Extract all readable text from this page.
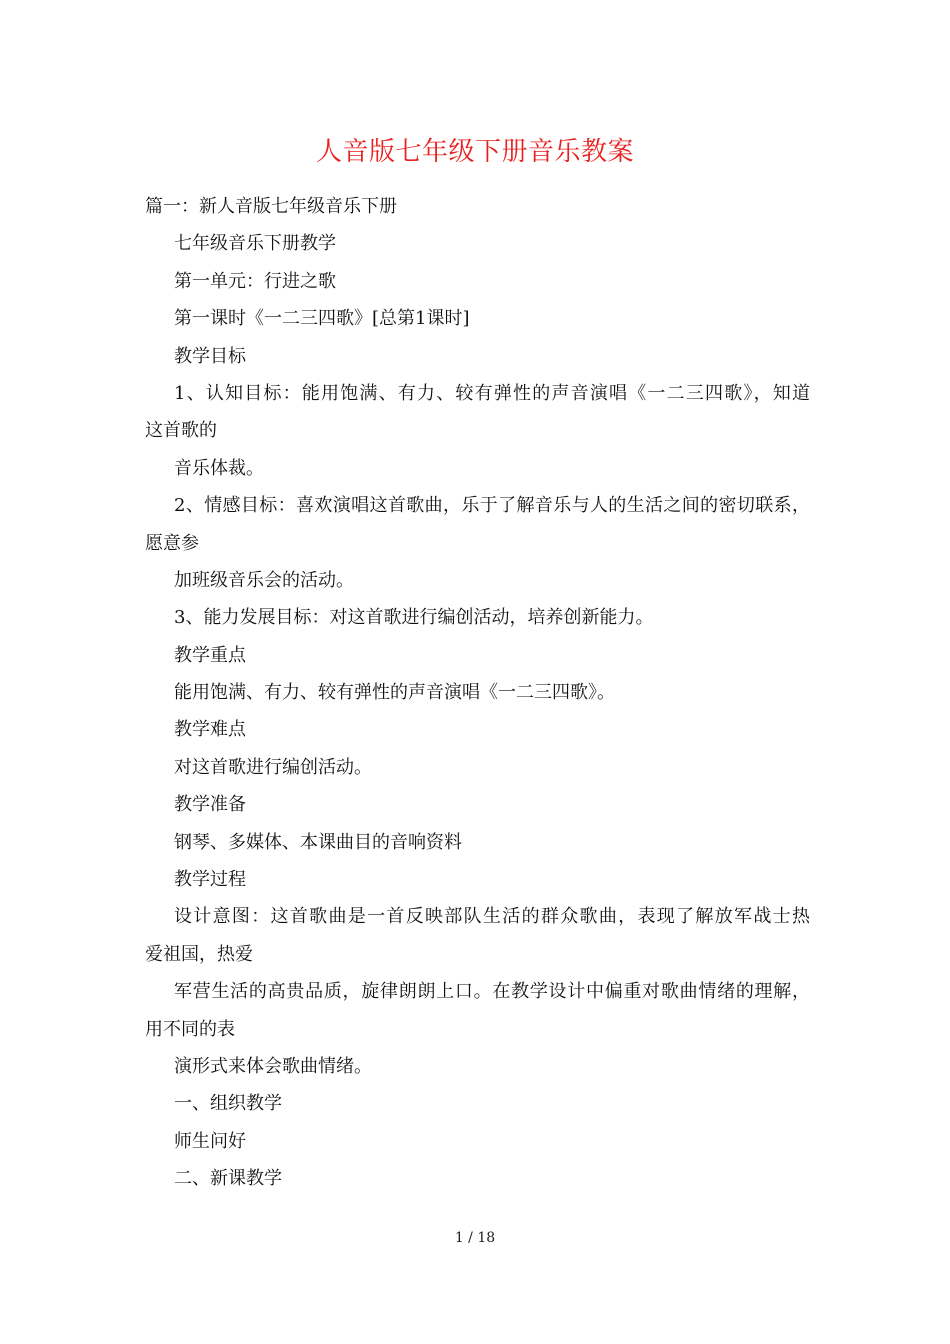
人音版七年级下册音乐教案
篇一：新人音版七年级音乐下册
七年级音乐下册教学
第一单元：行进之歌
第一课时《一二三四歌》[总第1课时]
教学目标
1、认知目标：能用饱满、有力、较有弹性的声音演唱《一二三四歌》，知道
这首歌的
音乐体裁。
2、情感目标：喜欢演唱这首歌曲，乐于了解音乐与人的生活之间的密切联系，
愿意参
加班级音乐会的活动。
3、能力发展目标：对这首歌进行编创活动，培养创新能力。
教学重点
能用饱满、有力、较有弹性的声音演唱《一二三四歌》。
教学难点
对这首歌进行编创活动。
教学准备
钢琴、多媒体、本课曲目的音响资料
教学过程
设计意图：这首歌曲是一首反映部队生活的群众歌曲，表现了解放军战士热
爱祖国，热爱
军营生活的高贵品质，旋律朗朗上口。在教学设计中偏重对歌曲情绪的理解，
用不同的表
演形式来体会歌曲情绪。
一、组织教学
师生问好
二、新课教学
1 / 18
